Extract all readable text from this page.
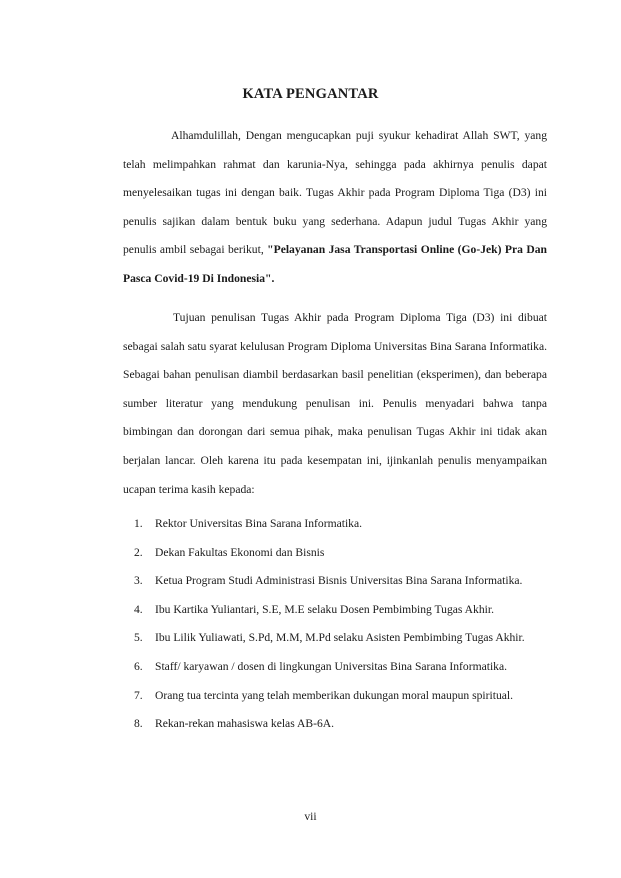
KATA PENGANTAR

Alhamdulillah, Dengan mengucapkan puji syukur kehadirat Allah SWT, yang telah melimpahkan rahmat dan karunia-Nya, sehingga pada akhirnya penulis dapat menyelesaikan tugas ini dengan baik. Tugas Akhir pada Program Diploma Tiga (D3) ini penulis sajikan dalam bentuk buku yang sederhana. Adapun judul Tugas Akhir yang penulis ambil sebagai berikut, "Pelayanan Jasa Transportasi Online (Go-Jek) Pra Dan Pasca Covid-19 Di Indonesia".

Tujuan penulisan Tugas Akhir pada Program Diploma Tiga (D3) ini dibuat sebagai salah satu syarat kelulusan Program Diploma Universitas Bina Sarana Informatika. Sebagai bahan penulisan diambil berdasarkan basil penelitian (eksperimen), dan beberapa sumber literatur yang mendukung penulisan ini. Penulis menyadari bahwa tanpa bimbingan dan dorongan dari semua pihak, maka penulisan Tugas Akhir ini tidak akan berjalan lancar. Oleh karena itu pada kesempatan ini, ijinkanlah penulis menyampaikan ucapan terima kasih kepada:

1. Rektor Universitas Bina Sarana Informatika.
2. Dekan Fakultas Ekonomi dan Bisnis
3. Ketua Program Studi Administrasi Bisnis Universitas Bina Sarana Informatika.
4. Ibu Kartika Yuliantari, S.E, M.E selaku Dosen Pembimbing Tugas Akhir.
5. Ibu Lilik Yuliawati, S.Pd, M.M, M.Pd selaku Asisten Pembimbing Tugas Akhir.
6. Staff/ karyawan / dosen di lingkungan Universitas Bina Sarana Informatika.
7. Orang tua tercinta yang telah memberikan dukungan moral maupun spiritual.
8. Rekan-rekan mahasiswa kelas AB-6A.

vii
